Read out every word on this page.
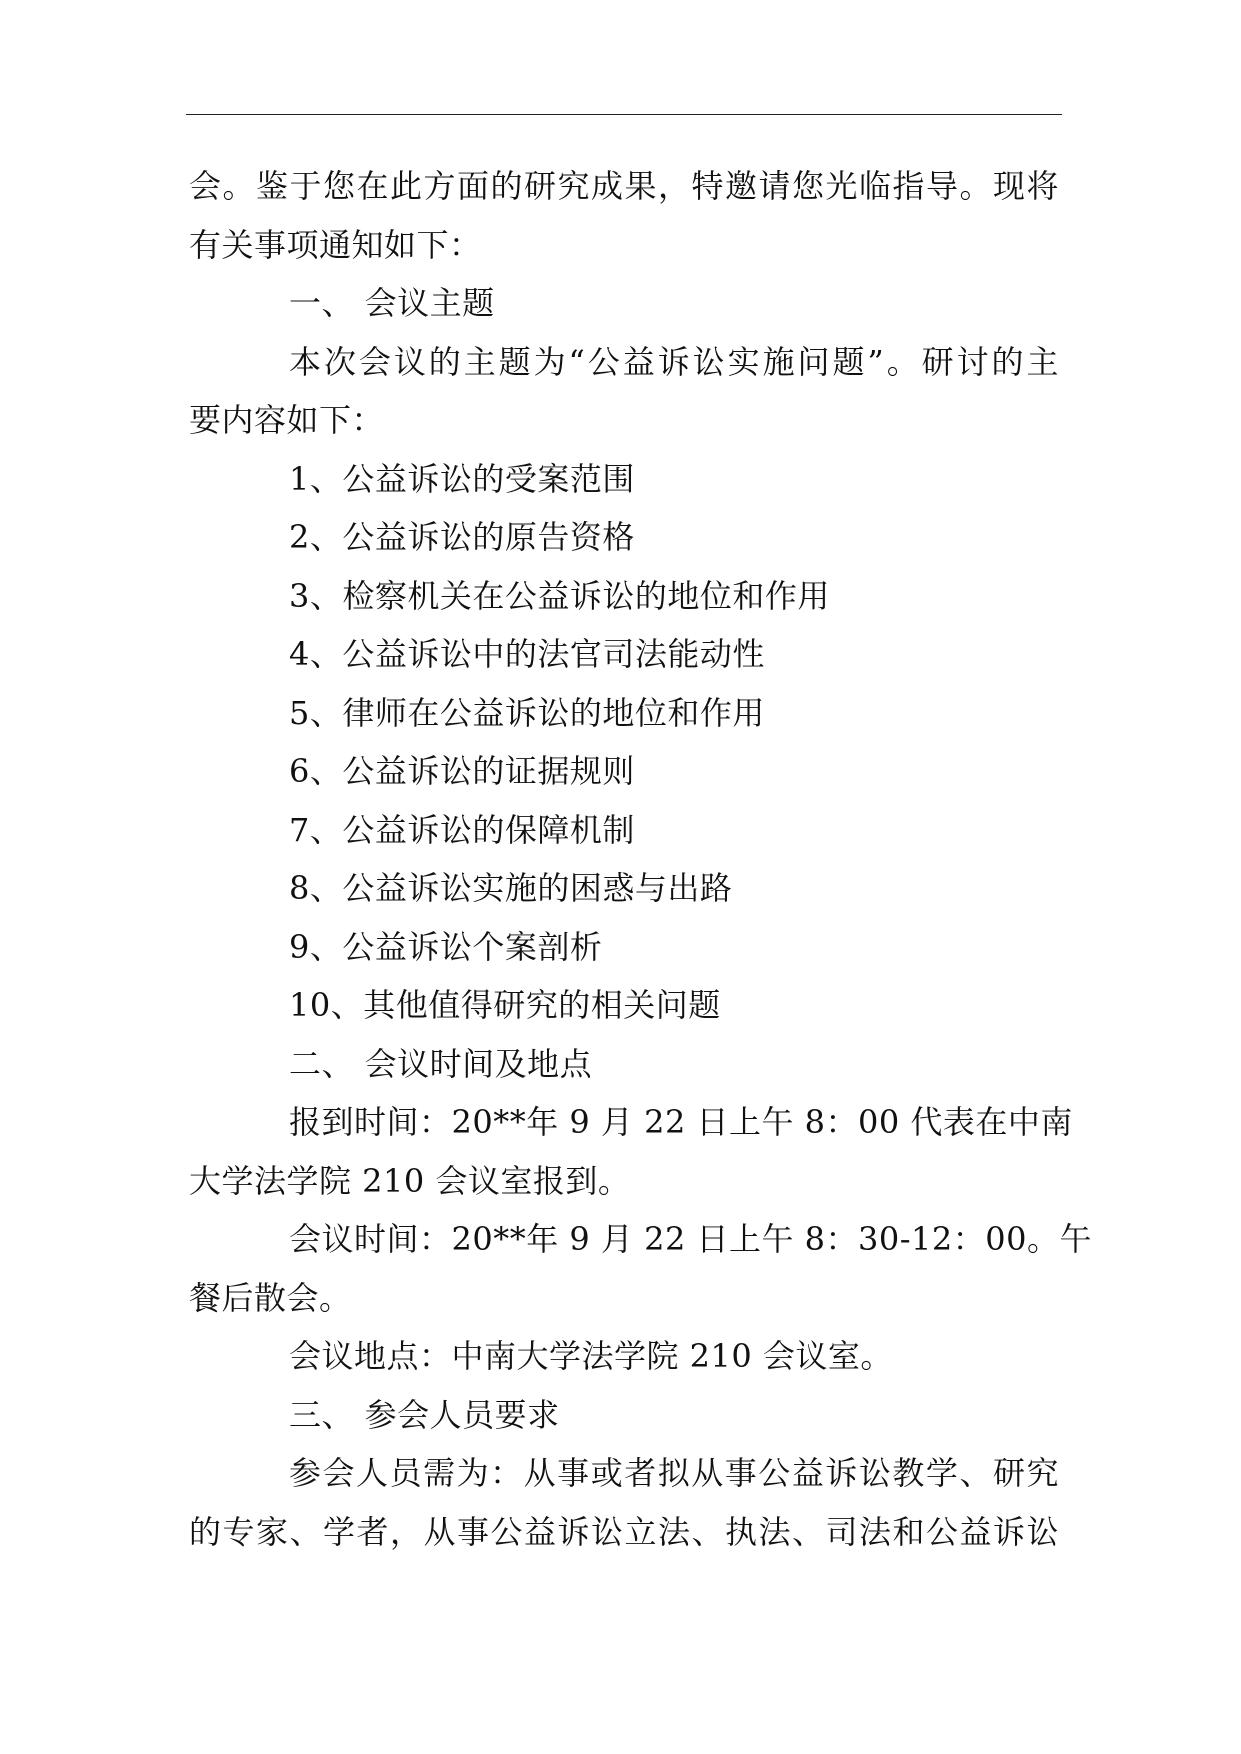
会。鉴于您在此方面的研究成果，特邀请您光临指导。现将
有关事项通知如下：
一、 会议主题
本次会议的主题为“公益诉讼实施问题”。研讨的主
要内容如下：
1、公益诉讼的受案范围
2、公益诉讼的原告资格
3、检察机关在公益诉讼的地位和作用
4、公益诉讼中的法官司法能动性
5、律师在公益诉讼的地位和作用
6、公益诉讼的证据规则
7、公益诉讼的保障机制
8、公益诉讼实施的困惑与出路
9、公益诉讼个案剖析
10、其他值得研究的相关问题
二、 会议时间及地点
报到时间：20**年 9 月 22 日上午 8：00 代表在中南
大学法学院 210 会议室报到。
会议时间：20**年 9 月 22 日上午 8：30-12：00。午
餐后散会。
会议地点：中南大学法学院 210 会议室。
三、 参会人员要求
参会人员需为：从事或者拟从事公益诉讼教学、研究
的专家、学者，从事公益诉讼立法、执法、司法和公益诉讼
